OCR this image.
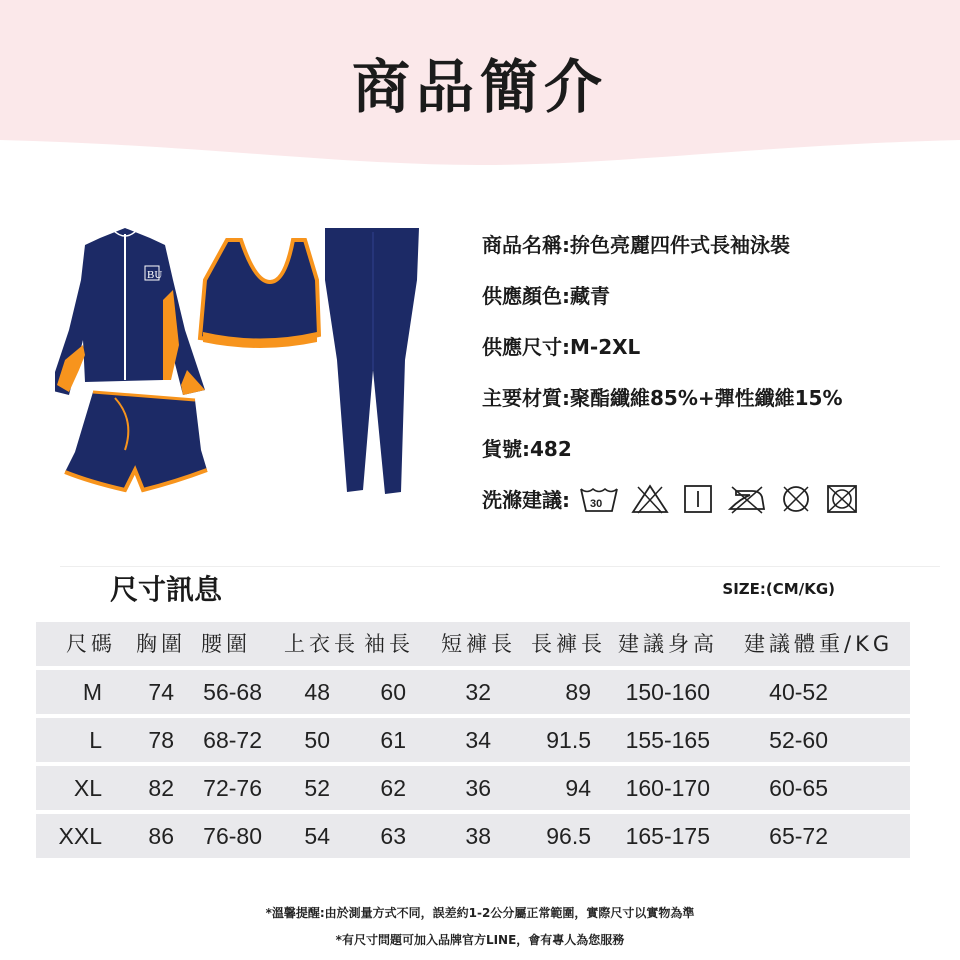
商品簡介
BU
商品名稱:拚色亮麗四件式長袖泳裝
供應顏色:藏青
供應尺寸:M-2XL
主要材質:聚酯纖維85%+彈性纖維15%
貨號:482
洗滌建議: 30
尺寸訊息	SIZE:(CM/KG)
尺碼 胸圍 腰圍 上衣長 袖長 短褲長 長褲長 建議身高 建議體重/KG
M	74 56-68 48 60	32	89 150-160	40-52
L	78 68-72 50 61	34 91.5 155-165	52-60
XL	82 72-76 52 62	36	94 160-170	60-65
XXL	86 76-80 54 63	38 96.5 165-175	65-72
*溫馨提醒:由於測量方式不同，誤差約1-2公分屬正常範圍，實際尺寸以實物為準
*有尺寸問題可加入品牌官方LINE，會有專人為您服務
